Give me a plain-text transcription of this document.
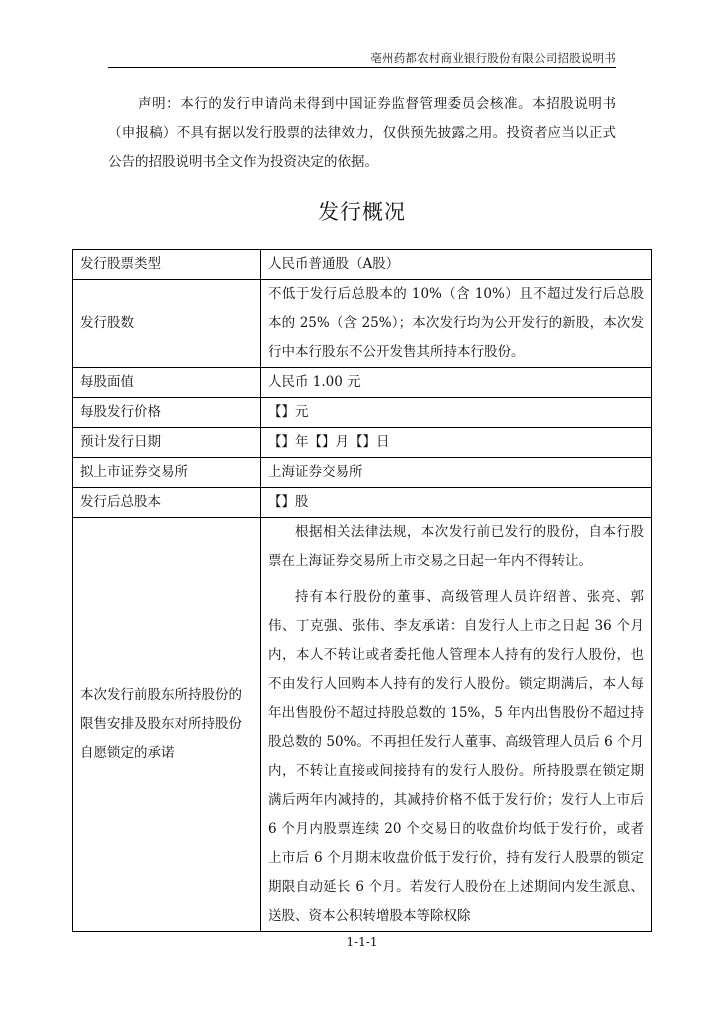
亳州药都农村商业银行股份有限公司招股说明书

声明：本行的发行申请尚未得到中国证券监督管理委员会核准。本招股说明书（申报稿）不具有据以发行股票的法律效力，仅供预先披露之用。投资者应当以正式公告的招股说明书全文作为投资决定的依据。

发行概况
发行股票类型	人民币普通股（A股）
发行股数	不低于发行后总股本的 10%（含 10%）且不超过发行后总股本的 25%（含 25%）；本次发行均为公开发行的新股，本次发行中本行股东不公开发售其所持本行股份。

每股面值	人民币 1.00 元
每股发行价格	【】元
预计发行日期	【】年【】月【】日
拟上市证券交易所	上海证券交易所
发行后总股本	【】股
本次发行前股东所持股份的限售安排及股东对所持股份自愿锁定的承诺	根据相关法律法规，本次发行前已发行的股份，自本行股票在上海证券交易所上市交易之日起一年内不得转让。
持有本行股份的董事、高级管理人员许绍普、张亮、郭伟、丁克强、张伟、李友承诺：自发行人上市之日起 36 个月内，本人不转让或者委托他人管理本人持有的发行人股份，也不由发行人回购本人持有的发行人股份。锁定期满后，本人每年出售股份不超过持股总数的 15%，5 年内出售股份不超过持股总数的 50%。不再担任发行人董事、高级管理人员后 6 个月内，不转让直接或间接持有的发行人股份。所持股票在锁定期满后两年内减持的，其减持价格不低于发行价；发行人上市后 6 个月内股票连续 20 个交易日的收盘价均低于发行价，或者上市后 6 个月期末收盘价低于发行价，持有发行人股票的锁定期限自动延长 6 个月。若发行人股份在上述期间内发生派息、送股、资本公积转增股本等除权除
1-1-1
